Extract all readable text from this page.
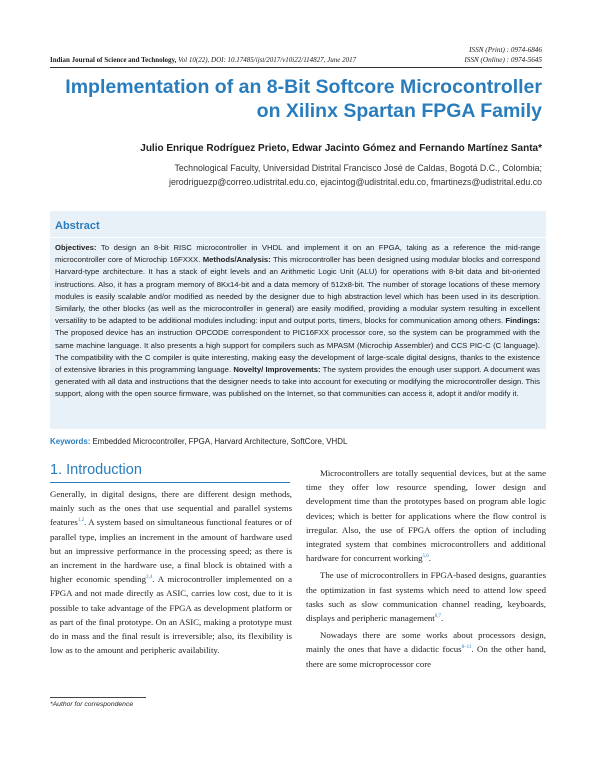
Indian Journal of Science and Technology, Vol 10(22), DOI: 10.17485/ijst/2017/v10i22/114827, June 2017
ISSN (Print) : 0974-6846
ISSN (Online) : 0974-5645
Implementation of an 8-Bit Softcore Microcontroller
on Xilinx Spartan FPGA Family
Julio Enrique Rodríguez Prieto, Edwar Jacinto Gómez and Fernando Martínez Santa*
Technological Faculty, Universidad Distrital Francisco José de Caldas, Bogotá D.C., Colombia;
jerodriguezp@correo.udistrital.edu.co, ejacintog@udistrital.edu.co, fmartinezs@udistrital.edu.co
Abstract
Objectives: To design an 8-bit RISC microcontroller in VHDL and implement it on an FPGA, taking as a reference the mid-range microcontroller core of Microchip 16FXXX. Methods/Analysis: This microcontroller has been designed using modular blocks and correspond Harvard-type architecture. It has a stack of eight levels and an Arithmetic Logic Unit (ALU) for operations with 8-bit data and bit-oriented instructions. Also, it has a program memory of 8Kx14-bit and a data memory of 512x8-bit. The number of storage locations of these memory modules is easily scalable and/or modified as needed by the designer due to high abstraction level which has been used in its description. Similarly, the other blocks (as well as the microcontroller in general) are easily modified, providing a modular system resulting in excellent versatility to be adapted to be additional modules including: input and output ports, timers, blocks for communication among others. Findings: The proposed device has an instruction OPCODE correspondent to PIC16FXX processor core, so the system can be programmed with the same machine language. It also presents a high support for compilers such as MPASM (Microchip Assembler) and CCS PIC-C (C language). The compatibility with the C compiler is quite interesting, making easy the development of large-scale digital designs, thanks to the existence of extensive libraries in this programming language. Novelty/ Improvements: The system provides the enough user support. A document was generated with all data and instructions that the designer needs to take into account for executing or modifying the microcontroller design. This support, along with the open source firmware, was published on the Internet, so that communities can access it, adopt it and/or modify it.
Keywords: Embedded Microcontroller, FPGA, Harvard Architecture, SoftCore, VHDL
1. Introduction

Generally, in digital designs, there are different design methods, mainly such as the ones that use sequential and parallel systems features$^{1,2}$. A system based on simultaneous functional features or of parallel type, implies an increment in the amount of hardware used but an impressive performance in the processing speed; as there is an increment in the hardware use, a final block is obtained with a higher economic spending$^{3,4}$. A microcontroller implemented on a FPGA and not made directly as ASIC, carries low cost, due to it is possible to take advantage of the FPGA as development platform or as part of the final prototype. On an ASIC, making a prototype must do in mass and the final result is irreversible; also, its flexibility is low as to the amount and peripheric availability.

Microcontrollers are totally sequential devices, but at the same time they offer low resource spending, lower design and development time than the prototypes based on program able logic devices; which is better for applications where the flow control is irregular. Also, the use of FPGA offers the option of including integrated system that combines microcontrollers and additional hardware for concurrent working$^{5,6}$.

The use of microcontrollers in FPGA-based designs, guaranties the optimization in fast systems which need to attend low speed tasks such as slow communication channel reading, keyboards, displays and peripheric management$^{6,7}$.

Nowadays there are some works about processors design, mainly the ones that have a didactic focus$^{8-11}$. On the other hand, there are some microprocessor core

*Author for correspondence
